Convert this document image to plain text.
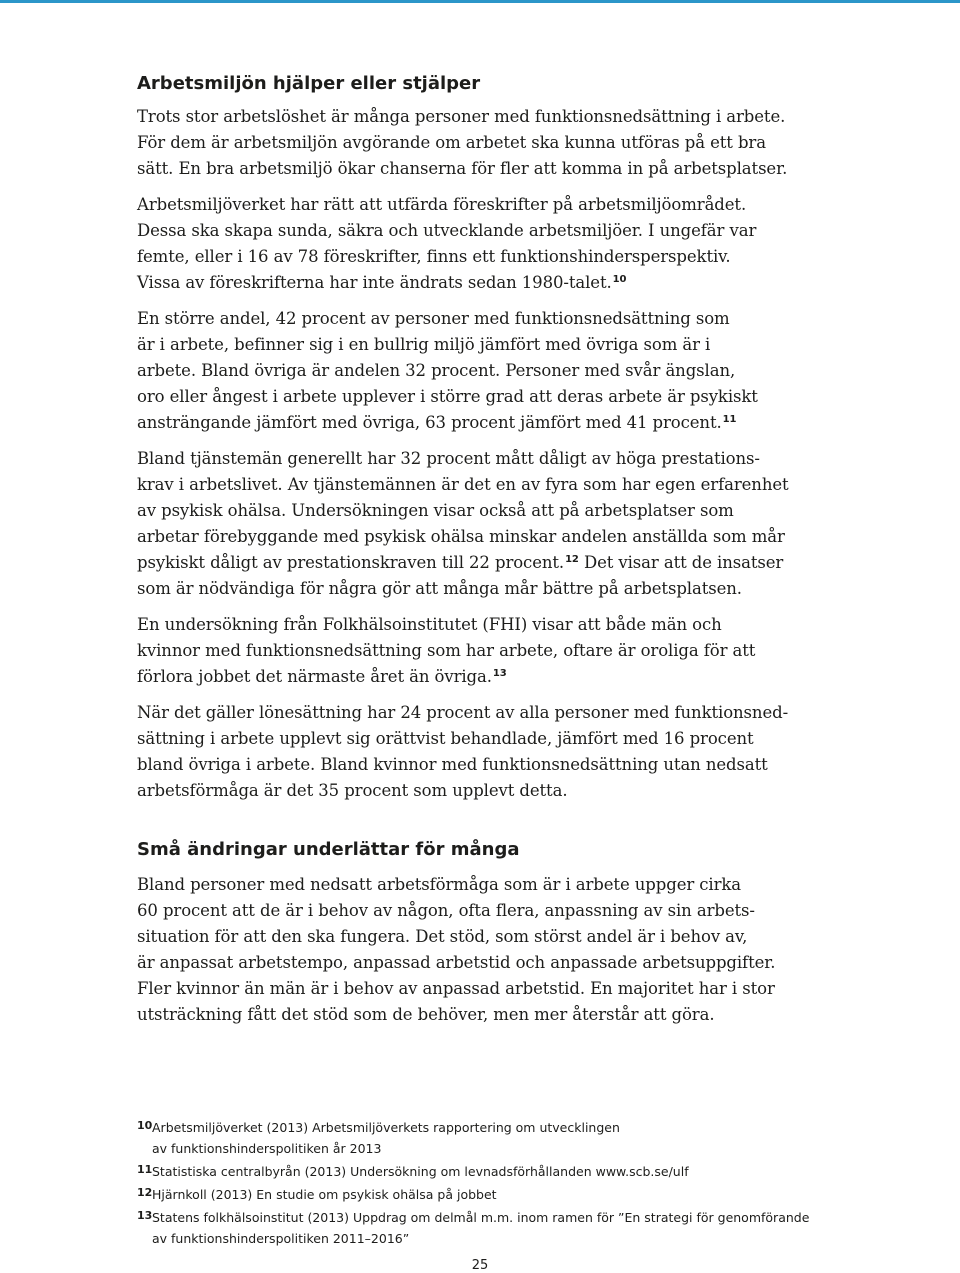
Arbetsmiljön hjälper eller stjälper

Trots stor arbetslöshet är många personer med funktionsnedsättning i arbete.
För dem är arbetsmiljön avgörande om arbetet ska kunna utföras på ett bra
sätt. En bra arbetsmiljö ökar chanserna för fler att komma in på arbetsplatser.

Arbetsmiljöverket har rätt att utfärda föreskrifter på arbetsmiljöområdet.
Dessa ska skapa sunda, säkra och utvecklande arbetsmiljöer. I ungefär var
femte, eller i 16 av 78 föreskrifter, finns ett funktionshindersperspektiv.
Vissa av föreskrifterna har inte ändrats sedan 1980-talet.$^{10}$

En större andel, 42 procent av personer med funktionsnedsättning som
är i arbete, befinner sig i en bullrig miljö jämfört med övriga som är i
arbete. Bland övriga är andelen 32 procent. Personer med svår ängslan,
oro eller ångest i arbete upplever i större grad att deras arbete är psykiskt
ansträngande jämfört med övriga, 63 procent jämfört med 41 procent.$^{11}$

Bland tjänstemän generellt har 32 procent mått dåligt av höga prestations-
krav i arbetslivet. Av tjänstemännen är det en av fyra som har egen erfarenhet
av psykisk ohälsa. Undersökningen visar också att på arbetsplatser som
arbetar förebyggande med psykisk ohälsa minskar andelen anställda som mår
psykiskt dåligt av prestationskraven till 22 procent.$^{12}$ Det visar att de insatser
som är nödvändiga för några gör att många mår bättre på arbetsplatsen.

En undersökning från Folkhälsoinstitutet (FHI) visar att både män och
kvinnor med funktionsnedsättning som har arbete, oftare är oroliga för att
förlora jobbet det närmaste året än övriga.$^{13}$

När det gäller lönesättning har 24 procent av alla personer med funktionsned-
sättning i arbete upplevt sig orättvist behandlade, jämfört med 16 procent
bland övriga i arbete. Bland kvinnor med funktionsnedsättning utan nedsatt
arbetsförmåga är det 35 procent som upplevt detta.

Små ändringar underlättar för många

Bland personer med nedsatt arbetsförmåga som är i arbete uppger cirka
60 procent att de är i behov av någon, ofta flera, anpassning av sin arbets-
situation för att den ska fungera. Det stöd, som störst andel är i behov av,
är anpassat arbetstempo, anpassad arbetstid och anpassade arbetsuppgifter.
Fler kvinnor än män är i behov av anpassad arbetstid. En majoritet har i stor
utsträckning fått det stöd som de behöver, men mer återstår att göra.

10Arbetsmiljöverket (2013) Arbetsmiljöverkets rapportering om utvecklingen
av funktionshinderspolitiken år 2013
11Statistiska centralbyrån (2013) Undersökning om levnadsförhållanden www.scb.se/ulf
12Hjärnkoll (2013) En studie om psykisk ohälsa på jobbet
13Statens folkhälsoinstitut (2013) Uppdrag om delmål m.m. inom ramen för ”En strategi för genomförande
av funktionshinderspolitiken 2011–2016”
25
